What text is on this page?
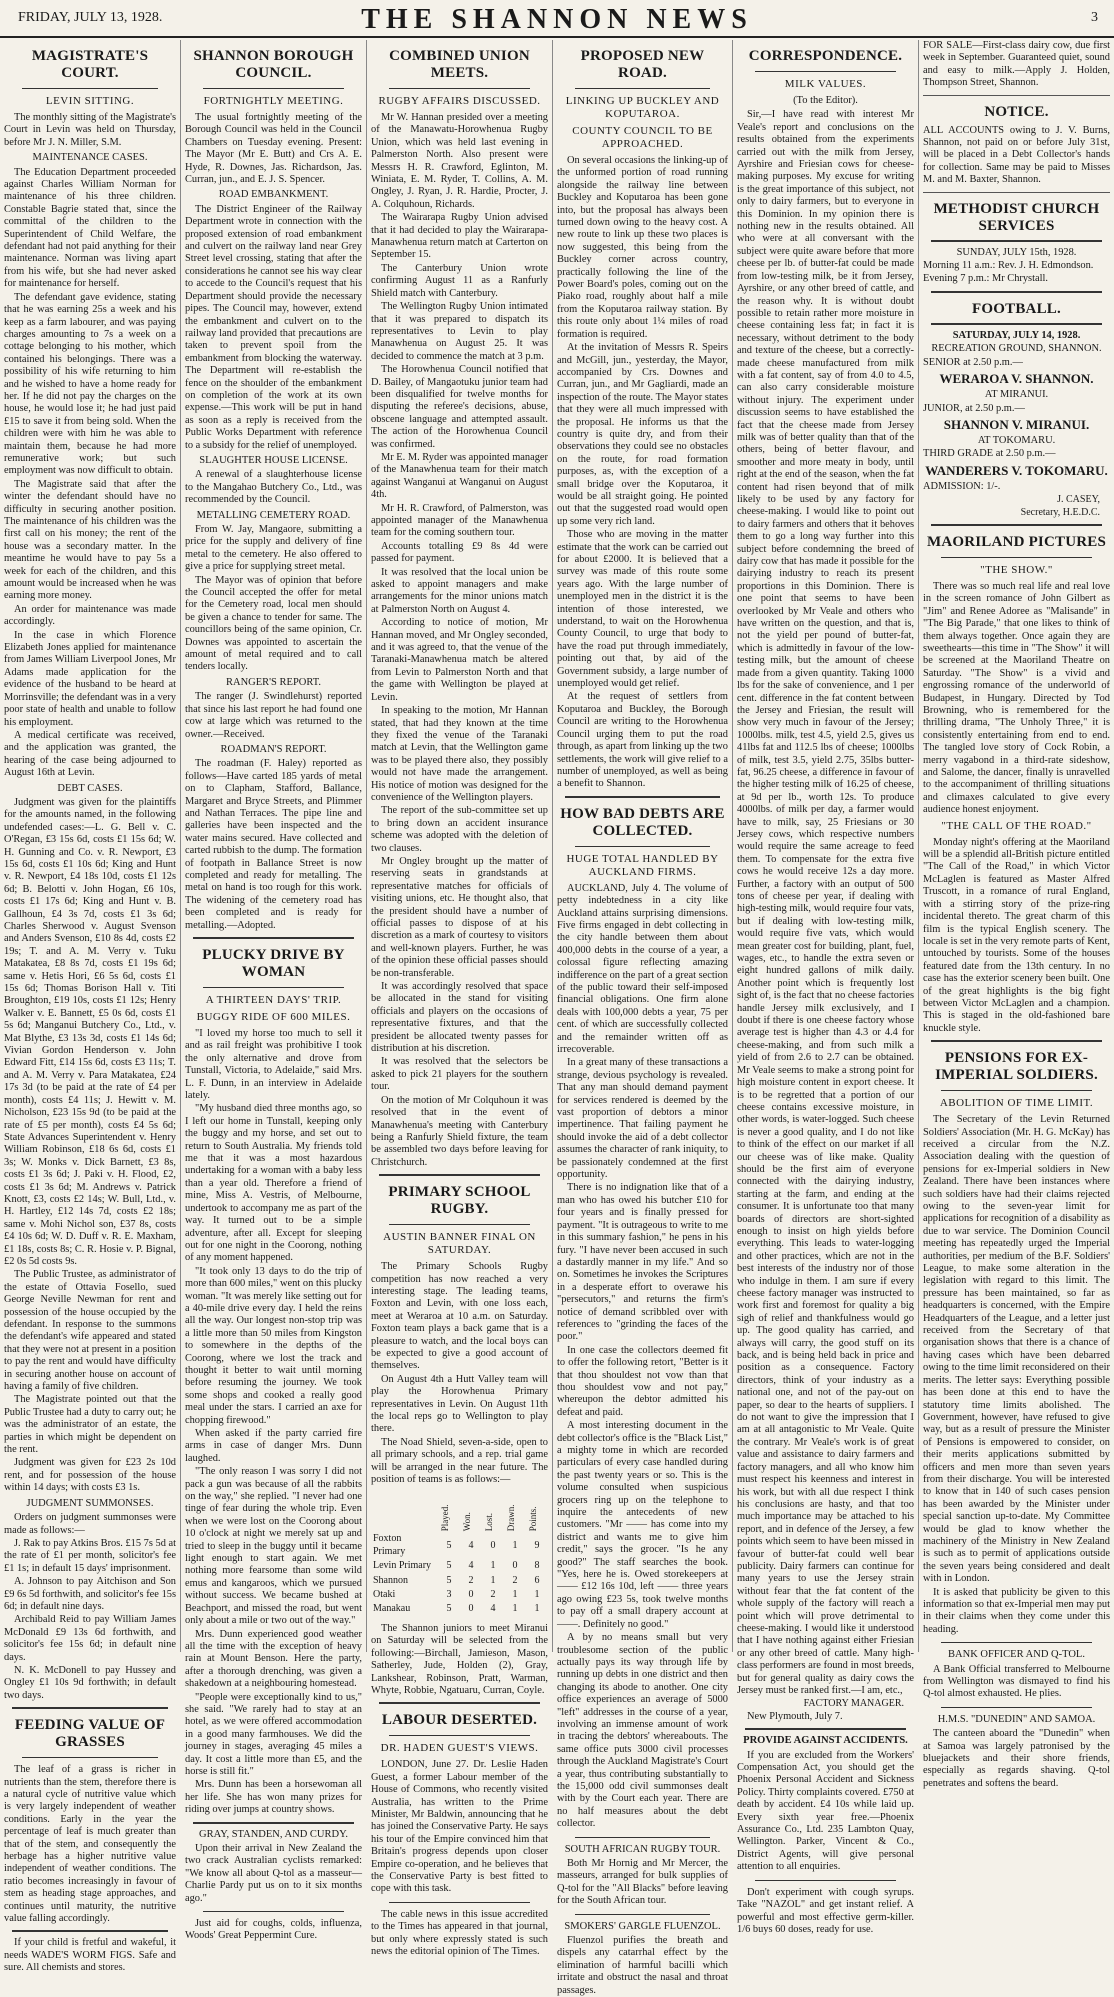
FRIDAY, JULY 13, 1928.	THE SHANNON NEWS	3
MAGISTRATE'S COURT.
LEVIN SITTING.

The monthly sitting of the Magistrate's Court in Levin was held on Thursday, before Mr J. N. Miller, S.M.

MAINTENANCE CASES.

The Education Department proceeded against Charles William Norman for maintenance of his three children. Constable Bagrie stated that, since the committal of the children to the Superintendent of Child Welfare, the defendant had not paid anything for their maintenance. Norman was living apart from his wife, but she had never asked for maintenance for herself.

The defendant gave evidence, stating that he was earning 25s a week and his keep as a farm labourer, and was paying charges amounting to 7s a week on a cottage belonging to his mother, which contained his belongings. There was a possibility of his wife returning to him and he wished to have a home ready for her. If he did not pay the charges on the house, he would lose it; he had just paid £15 to save it from being sold. When the children were with him he was able to maintain them, because he had more remunerative work; but such employment was now difficult to obtain.

The Magistrate said that after the winter the defendant should have no difficulty in securing another position. The maintenance of his children was the first call on his money; the rent of the house was a secondary matter. In the meantime he would have to pay 5s a week for each of the children, and this amount would be increased when he was earning more money.

An order for maintenance was made accordingly.

In the case in which Florence Elizabeth Jones applied for maintenance from James William Liverpool Jones, Mr Adams made application for the evidence of the husband to be heard at Morrinsville; the defendant was in a very poor state of health and unable to follow his employment.

A medical certificate was received, and the application was granted, the hearing of the case being adjourned to August 16th at Levin.

DEBT CASES.

Judgment was given for the plaintiffs for the amounts named, in the following undefended cases:—L. G. Bell v. C. O'Regan, £3 15s 6d, costs £1 15s 6d; W. H. Gunning and Co. v. R. Newport, £3 15s 6d, costs £1 10s 6d; King and Hunt v. R. Newport, £4 18s 10d, costs £1 12s 6d; B. Belotti v. John Hogan, £6 10s, costs £1 17s 6d; King and Hunt v. B. Gallhoun, £4 3s 7d, costs £1 3s 6d; Charles Sherwood v. August Svenson and Anders Svenson, £10 8s 4d, costs £2 19s; T. and A. M. Verry v. Tuku Matakatea, £8 8s 7d, costs £1 19s 6d; same v. Hetis Hori, £6 5s 6d, costs £1 15s 6d; Thomas Borison Hall v. Titi Broughton, £19 10s, costs £1 12s; Henry Walker v. E. Bannett, £5 0s 6d, costs £1 5s 6d; Manganui Butchery Co., Ltd., v. Mat Blythe, £3 13s 3d, costs £1 14s 6d; Vivian Gordon Henderson v. John Edward Fitt, £14 15s 6d, costs £3 11s; T. and A. M. Verry v. Para Matakatea, £24 17s 3d (to be paid at the rate of £4 per month), costs £4 11s; J. Hewitt v. M. Nicholson, £23 15s 9d (to be paid at the rate of £5 per month), costs £4 5s 6d; State Advances Superintendent v. Henry William Robinson, £18 6s 6d, costs £1 3s; W. Monks v. Dick Barnett, £3 8s, costs £1 3s 6d; J. Paki v. H. Flood, £2, costs £1 3s 6d; M. Andrews v. Patrick Knott, £3, costs £2 14s; W. Bull, Ltd., v. H. Hartley, £12 14s 7d, costs £2 18s; same v. Mohi Nichol son, £37 8s, costs £4 10s 6d; W. D. Duff v. R. E. Maxham, £1 18s, costs 8s; C. R. Hosie v. P. Bignal, £2 0s 5d costs 9s.

The Public Trustee, as administrator of the estate of Ottavia Fosello, sued George Neville Newman for rent and possession of the house occupied by the defendant. In response to the summons the defendant's wife appeared and stated that they were not at present in a position to pay the rent and would have difficulty in securing another house on account of having a family of five children.

The Magistrate pointed out that the Public Trustee had a duty to carry out; he was the administrator of an estate, the parties in which might be dependent on the rent.

Judgment was given for £23 2s 10d rent, and for possession of the house within 14 days; with costs £3 1s.

JUDGMENT SUMMONSES.

Orders on judgment summonses were made as follows:—

J. Rak to pay Atkins Bros. £15 7s 5d at the rate of £1 per month, solicitor's fee £1 1s; in default 15 days' imprisonment.

A. Johnson to pay Aitchison and Son £9 6s 5d forthwith, and solicitor's fee 15s 6d; in default nine days.

Archibald Reid to pay William James McDonald £9 13s 6d forthwith, and solicitor's fee 15s 6d; in default nine days.

N. K. McDonell to pay Hussey and Ongley £1 10s 9d forthwith; in default two days.

FEEDING VALUE OF GRASSES

The leaf of a grass is richer in nutrients than the stem, therefore there is a natural cycle of nutritive value which is very largely independent of weather conditions. Early in the year the percentage of leaf is much greater than that of the stem, and consequently the herbage has a higher nutritive value independent of weather conditions. The ratio becomes increasingly in favour of stem as heading stage approaches, and continues until maturity, the nutritive value falling accordingly.

If your child is fretful and wakeful, it needs WADE'S WORM FIGS. Safe and sure. All chemists and stores.

SHANNON BOROUGH COUNCIL.
FORTNIGHTLY MEETING.

The usual fortnightly meeting of the Borough Council was held in the Council Chambers on Tuesday evening. Present: The Mayor (Mr E. Butt) and Crs A. E. Hyde, R. Downes, Jas. Richardson, Jas. Curran, jun., and E. J. S. Spencer.

ROAD EMBANKMENT.

The District Engineer of the Railway Department wrote in connection with the proposed extension of road embankment and culvert on the railway land near Grey Street level crossing, stating that after the considerations he cannot see his way clear to accede to the Council's request that his Department should provide the necessary pipes. The Council may, however, extend the embankment and culvert on to the railway land provided that precautions are taken to prevent spoil from the embankment from blocking the waterway. The Department will re-establish the fence on the shoulder of the embankment on completion of the work at its own expense.—This work will be put in hand as soon as a reply is received from the Public Works Department with reference to a subsidy for the relief of unemployed.

SLAUGHTER HOUSE LICENSE.

A renewal of a slaughterhouse license to the Mangahao Butchery Co., Ltd., was recommended by the Council.

METALLING CEMETERY ROAD.

From W. Jay, Mangaore, submitting a price for the supply and delivery of fine metal to the cemetery. He also offered to give a price for supplying street metal.

The Mayor was of opinion that before the Council accepted the offer for metal for the Cemetery road, local men should be given a chance to tender for same. The councillors being of the same opinion, Cr. Downes was appointed to ascertain the amount of metal required and to call tenders locally.

RANGER'S REPORT.

The ranger (J. Swindlehurst) reported that since his last report he had found one cow at large which was returned to the owner.—Received.

ROADMAN'S REPORT.

The roadman (F. Haley) reported as follows—Have carted 185 yards of metal on to Clapham, Stafford, Ballance, Margaret and Bryce Streets, and Plimmer and Nathan Terraces. The pipe line and galleries have been inspected and the water mains secured. Have collected and carted rubbish to the dump. The formation of footpath in Ballance Street is now completed and ready for metalling. The metal on hand is too rough for this work. The widening of the cemetery road has been completed and is ready for metalling.—Adopted.

PLUCKY DRIVE BY WOMAN
A THIRTEEN DAYS' TRIP.
BUGGY RIDE OF 600 MILES.

"I loved my horse too much to sell it and as rail freight was prohibitive I took the only alternative and drove from Tunstall, Victoria, to Adelaide," said Mrs. L. F. Dunn, in an interview in Adelaide lately.

"My husband died three months ago, so I left our home in Tunstall, keeping only the buggy and my horse, and set out to return to South Australia. My friends told me that it was a most hazardous undertaking for a woman with a baby less than a year old. Therefore a friend of mine, Miss A. Vestris, of Melbourne, undertook to accompany me as part of the way. It turned out to be a simple adventure, after all. Except for sleeping out for one night in the Coorong, nothing of any moment happened.

"It took only 13 days to do the trip of more than 600 miles," went on this plucky woman. "It was merely like setting out for a 40-mile drive every day. I held the reins all the way. Our longest non-stop trip was a little more than 50 miles from Kingston to somewhere in the depths of the Coorong, where we lost the track and thought it better to wait until morning before resuming the journey. We took some shops and cooked a really good meal under the stars. I carried an axe for chopping firewood."

When asked if the party carried fire arms in case of danger Mrs. Dunn laughed.

"The only reason I was sorry I did not pack a gun was because of all the rabbits on the way," she replied. "I never had one tinge of fear during the whole trip. Even when we were lost on the Coorong about 10 o'clock at night we merely sat up and tried to sleep in the buggy until it became light enough to start again. We met nothing more fearsome than some wild emus and kangaroos, which we pursued without success. We became bushed at Beachport, and missed the road, but went only about a mile or two out of the way."

Mrs. Dunn experienced good weather all the time with the exception of heavy rain at Mount Benson. Here the party, after a thorough drenching, was given a shakedown at a neighbouring homestead.

"People were exceptionally kind to us," she said. "We rarely had to stay at an hotel, as we were offered accommodation in a good many farmhouses. We did the journey in stages, averaging 45 miles a day. It cost a little more than £5, and the horse is still fit."

Mrs. Dunn has been a horsewoman all her life. She has won many prizes for riding over jumps at country shows.

GRAY, STANDEN, AND CURDY.

Upon their arrival in New Zealand the two crack Australian cyclists remarked: "We know all about Q-tol as a masseur—Charlie Pardy put us on to it six months ago."

Just aid for coughs, colds, influenza, Woods' Great Peppermint Cure.

COMBINED UNION MEETS.
RUGBY AFFAIRS DISCUSSED.

Mr W. Hannan presided over a meeting of the Manawatu-Horowhenua Rugby Union, which was held last evening in Palmerston North. Also present were Messrs H. R. Crawford, Eglinton, M. Winiata, E. M. Ryder, T. Collins, A. M. Ongley, J. Ryan, J. R. Hardie, Procter, J. A. Colquhoun, Richards.

The Wairarapa Rugby Union advised that it had decided to play the Wairarapa-Manawhenua return match at Carterton on September 15.

The Canterbury Union wrote confirming August 11 as a Ranfurly Shield match with Canterbury.

The Wellington Rugby Union intimated that it was prepared to dispatch its representatives to Levin to play Manawhenua on August 25. It was decided to commence the match at 3 p.m.

The Horowhenua Council notified that D. Bailey, of Mangaotuku junior team had been disqualified for twelve months for disputing the referee's decisions, abuse, obscene language and attempted assault. The action of the Horowhenua Council was confirmed.

Mr E. M. Ryder was appointed manager of the Manawhenua team for their match against Wanganui at Wanganui on August 4th.

Mr H. R. Crawford, of Palmerston, was appointed manager of the Manawhenua team for the coming southern tour.

Accounts totalling £9 8s 4d were passed for payment.

It was resolved that the local union be asked to appoint managers and make arrangements for the minor unions match at Palmerston North on August 4.

According to notice of motion, Mr Hannan moved, and Mr Ongley seconded, and it was agreed to, that the venue of the Taranaki-Manawhenua match be altered from Levin to Palmerston North and that the game with Wellington be played at Levin.

In speaking to the motion, Mr Hannan stated, that had they known at the time they fixed the venue of the Taranaki match at Levin, that the Wellington game was to be played there also, they possibly would not have made the arrangement. His notice of motion was designed for the convenience of the Wellington players.

The report of the sub-committee set up to bring down an accident insurance scheme was adopted with the deletion of two clauses.

Mr Ongley brought up the matter of reserving seats in grandstands at representative matches for officials of visiting unions, etc. He thought also, that the president should have a number of official passes to dispose of at his discretion as a mark of courtesy to visitors and well-known players. Further, he was of the opinion these official passes should be non-transferable.

It was accordingly resolved that space be allocated in the stand for visiting officials and players on the occasions of representative fixtures, and that the president be allocated twenty passes for distribution at his discretion.

It was resolved that the selectors be asked to pick 21 players for the southern tour.

On the motion of Mr Colquhoun it was resolved that in the event of Manawhenua's meeting with Canterbury being a Ranfurly Shield fixture, the team be assembled two days before leaving for Christchurch.

PRIMARY SCHOOL RUGBY.
AUSTIN BANNER FINAL ON SATURDAY.

The Primary Schools Rugby competition has now reached a very interesting stage. The leading teams, Foxton and Levin, with one loss each, meet at Weraroa at 10 a.m. on Saturday. Foxton team plays a back game that is a pleasure to watch, and the local boys can be expected to give a good account of themselves.

On August 4th a Hutt Valley team will play the Horowhenua Primary representatives in Levin. On August 11th the local reps go to Wellington to play there.

The Noad Shield, seven-a-side, open to all primary schools, and a rep. trial game will be arranged in the near future. The position of teams is as follows:—

	Played.	Won.	Lost.	Drawn.	Points.
Foxton Primary	5	4	0	1	9
Levin Primary	5	4	1	0	8
Shannon	5	2	1	2	6
Otaki	3	0	2	1	1
Manakau	5	0	4	1	1

The Shannon juniors to meet Miranui on Saturday will be selected from the following:—Birchall, Jamieson, Mason, Satherley, Jude, Holden (2), Gray, Lankshear, Robinson, Pratt, Warman, Whyte, Robbie, Ngatuaru, Curran, Coyle.

LABOUR DESERTED.
DR. HADEN GUEST'S VIEWS.

LONDON, June 27. Dr. Leslie Haden Guest, a former Labour member of the House of Commons, who recently visited Australia, has written to the Prime Minister, Mr Baldwin, announcing that he has joined the Conservative Party. He says his tour of the Empire convinced him that Britain's progress depends upon closer Empire co-operation, and he believes that the Conservative Party is best fitted to cope with this task.

The cable news in this issue accredited to the Times has appeared in that journal, but only where expressly stated is such news the editorial opinion of The Times.

PROPOSED NEW ROAD.
LINKING UP BUCKLEY AND KOPUTAROA.
COUNTY COUNCIL TO BE APPROACHED.

On several occasions the linking-up of the unformed portion of road running alongside the railway line between Buckley and Koputaroa has been gone into, but the proposal has always been turned down owing to the heavy cost. A new route to link up these two places is now suggested, this being from the Buckley corner across country, practically following the line of the Power Board's poles, coming out on the Piako road, roughly about half a mile from the Koputaroa railway station. By this route only about 1¼ miles of road formation is required.

At the invitation of Messrs R. Speirs and McGill, jun., yesterday, the Mayor, accompanied by Crs. Downes and Curran, jun., and Mr Gagliardi, made an inspection of the route. The Mayor states that they were all much impressed with the proposal. He informs us that the country is quite dry, and from their observations they could see no obstacles on the route, for road formation purposes, as, with the exception of a small bridge over the Koputaroa, it would be all straight going. He pointed out that the suggested road would open up some very rich land.

Those who are moving in the matter estimate that the work can be carried out for about £2000. It is believed that a survey was made of this route some years ago. With the large number of unemployed men in the district it is the intention of those interested, we understand, to wait on the Horowhenua County Council, to urge that body to have the road put through immediately, pointing out that, by aid of the Government subsidy, a large number of unemployed would get relief.

At the request of settlers from Koputaroa and Buckley, the Borough Council are writing to the Horowhenua Council urging them to put the road through, as apart from linking up the two settlements, the work will give relief to a number of unemployed, as well as being a benefit to Shannon.

HOW BAD DEBTS ARE COLLECTED.
HUGE TOTAL HANDLED BY AUCKLAND FIRMS.

AUCKLAND, July 4. The volume of petty indebtedness in a city like Auckland attains surprising dimensions. Five firms engaged in debt collecting in the city handle between them about 400,000 debts in the course of a year, a colossal figure reflecting amazing indifference on the part of a great section of the public toward their self-imposed financial obligations. One firm alone deals with 100,000 debts a year, 75 per cent. of which are successfully collected and the remainder written off as irrecoverable.

In a great many of these transactions a strange, devious psychology is revealed. That any man should demand payment for services rendered is deemed by the vast proportion of debtors a minor impertinence. That failing payment he should invoke the aid of a debt collector assumes the character of rank iniquity, to be passionately condemned at the first opportunity.

There is no indignation like that of a man who has owed his butcher £10 for four years and is finally pressed for payment. "It is outrageous to write to me in this summary fashion," he pens in his fury. "I have never been accused in such a dastardly manner in my life." And so on. Sometimes he invokes the Scriptures in a desperate effort to overawe his "persecutors," and returns the firm's notice of demand scribbled over with references to "grinding the faces of the poor."

In one case the collectors deemed fit to offer the following retort, "Better is it that thou shouldest not vow than that thou shouldest vow and not pay," whereupon the debtor admitted his defeat and paid.

A most interesting document in the debt collector's office is the "Black List," a mighty tome in which are recorded particulars of every case handled during the past twenty years or so. This is the volume consulted when suspicious grocers ring up on the telephone to inquire the antecedents of new customers. "Mr —— has come into my district and wants me to give him credit," says the grocer. "Is he any good?" The staff searches the book. "Yes, here he is. Owed storekeepers at —— £12 16s 10d, left —— three years ago owing £23 5s, took twelve months to pay off a small drapery account at ——. Definitely no good."

A by no means small but very troublesome section of the public actually pays its way through life by running up debts in one district and then changing its abode to another. One city office experiences an average of 5000 "left" addresses in the course of a year, involving an immense amount of work in tracing the debtors' whereabouts. The same office puts 3000 civil processes through the Auckland Magistrate's Court a year, thus contributing substantially to the 15,000 odd civil summonses dealt with by the Court each year. There are no half measures about the debt collector.

SOUTH AFRICAN RUGBY TOUR.

Both Mr Hornig and Mr Mercer, the masseurs, arranged for bulk supplies of Q-tol for the "All Blacks" before leaving for the South African tour.

SMOKERS' GARGLE FLUENZOL.

Fluenzol purifies the breath and dispels any catarrhal effect by the elimination of harmful bacilli which irritate and obstruct the nasal and throat passages.

CORRESPONDENCE.
MILK VALUES.
(To the Editor).

Sir,—I have read with interest Mr Veale's report and conclusions on the results obtained from the experiments carried out with the milk from Jersey, Ayrshire and Friesian cows for cheese-making purposes. My excuse for writing is the great importance of this subject, not only to dairy farmers, but to everyone in this Dominion. In my opinion there is nothing new in the results obtained. All who were at all conversant with the subject were quite aware before that more cheese per lb. of butter-fat could be made from low-testing milk, be it from Jersey, Ayrshire, or any other breed of cattle, and the reason why. It is without doubt possible to retain rather more moisture in cheese containing less fat; in fact it is necessary, without detriment to the body and texture of the cheese, but a correctly-made cheese manufactured from milk with a fat content, say of from 4.0 to 4.5, can also carry considerable moisture without injury. The experiment under discussion seems to have established the fact that the cheese made from Jersey milk was of better quality than that of the others, being of better flavour, and smoother and more meaty in body, until right at the end of the season, when the fat content had risen beyond that of milk likely to be used by any factory for cheese-making. I would like to point out to dairy farmers and others that it behoves them to go a long way further into this subject before condemning the breed of dairy cow that has made it possible for the dairying industry to reach its present proportions in this Dominion. There is one point that seems to have been overlooked by Mr Veale and others who have written on the question, and that is, not the yield per pound of butter-fat, which is admittedly in favour of the low-testing milk, but the amount of cheese made from a given quantity. Taking 1000 lbs for the sake of convenience, and 1 per cent. difference in the fat content between the Jersey and Friesian, the result will show very much in favour of the Jersey; 1000lbs. milk, test 4.5, yield 2.5, gives us 41lbs fat and 112.5 lbs of cheese; 1000lbs of milk, test 3.5, yield 2.75, 35lbs butter-fat, 96.25 cheese, a difference in favour of the higher testing milk of 16.25 of cheese, at 9d per lb., worth 12s. To produce 4000lbs. of milk per day, a farmer would have to milk, say, 25 Friesians or 30 Jersey cows, which respective numbers would require the same acreage to feed them. To compensate for the extra five cows he would receive 12s a day more. Further, a factory with an output of 500 tons of cheese per year, if dealing with high-testing milk, would require four vats, but if dealing with low-testing milk, would require five vats, which would mean greater cost for building, plant, fuel, wages, etc., to handle the extra seven or eight hundred gallons of milk daily. Another point which is frequently lost sight of, is the fact that no cheese factories handle Jersey milk exclusively, and I doubt if there is one cheese factory whose average test is higher than 4.3 or 4.4 for cheese-making, and from such milk a yield of from 2.6 to 2.7 can be obtained. Mr Veale seems to make a strong point for high moisture content in export cheese. It is to be regretted that a portion of our cheese contains excessive moisture, in other words, is water-logged. Such cheese is never a good quality, and I do not like to think of the effect on our market if all our cheese was of like make. Quality should be the first aim of everyone connected with the dairying industry, starting at the farm, and ending at the consumer. It is unfortunate too that many boards of directors are short-sighted enough to insist on high yields before everything. This leads to water-logging and other practices, which are not in the best interests of the industry nor of those who indulge in them. I am sure if every cheese factory manager was instructed to work first and foremost for quality a big sigh of relief and thankfulness would go up. The good quality has carried, and always will carry, the good stuff on its back, and is being held back in price and position as a consequence. Factory directors, think of your industry as a national one, and not of the pay-out on paper, so dear to the hearts of suppliers. I do not want to give the impression that I am at all antagonistic to Mr Veale. Quite the contrary. Mr Veale's work is of great value and assistance to dairy farmers and factory managers, and all who know him must respect his keenness and interest in his work, but with all due respect I think his conclusions are hasty, and that too much importance may be attached to his report, and in defence of the Jersey, a few points which seem to have been missed in favour of butter-fat could well bear publicity. Dairy farmers can continue for many years to use the Jersey strain without fear that the fat content of the whole supply of the factory will reach a point which will prove detrimental to cheese-making. I would like it understood that I have nothing against either Friesian or any other breed of cattle. Many high-class performers are found in most breeds, but for general quality as dairy cows the Jersey must be ranked first.—I am, etc.,

FACTORY MANAGER.

New Plymouth, July 7.

PROVIDE AGAINST ACCIDENTS.

If you are excluded from the Workers' Compensation Act, you should get the Phoenix Personal Accident and Sickness Policy. Thirty complaints covered. £750 at death by accident. £4 10s while laid up. Every sixth year free.—Phoenix Assurance Co., Ltd. 235 Lambton Quay, Wellington. Parker, Vincent & Co., District Agents, will give personal attention to all enquiries.

Don't experiment with cough syrups. Take "NAZOL" and get instant relief. A powerful and most effective germ-killer. 1/6 buys 60 doses, ready for use.

FOR SALE—First-class dairy cow, due first week in September. Guaranteed quiet, sound and easy to milk.—Apply J. Holden, Thompson Street, Shannon.

NOTICE.

ALL ACCOUNTS owing to J. V. Burns, Shannon, not paid on or before July 31st, will be placed in a Debt Collector's hands for collection. Same may be paid to Misses M. and M. Baxter, Shannon.

METHODIST CHURCH SERVICES

SUNDAY, JULY 15th, 1928.

Morning 11 a.m.: Rev. J. H. Edmondson.

Evening 7 p.m.: Mr Chrystall.

FOOTBALL.

SATURDAY, JULY 14, 1928.

RECREATION GROUND, SHANNON.

SENIOR at 2.50 p.m.—

WERAROA V. SHANNON.

AT MIRANUI.

JUNIOR, at 2.50 p.m.—

SHANNON V. MIRANUI.

AT TOKOMARU.

THIRD GRADE at 2.50 p.m.—

WANDERERS V. TOKOMARU.

ADMISSION: 1/-.

J. CASEY,
Secretary, H.E.D.C.
MAORILAND PICTURES
"THE SHOW."

There was so much real life and real love in the screen romance of John Gilbert as "Jim" and Renee Adoree as "Malisande" in "The Big Parade," that one likes to think of them always together. Once again they are sweethearts—this time in "The Show" it will be screened at the Maoriland Theatre on Saturday. "The Show" is a vivid and engrossing romance of the underworld of Budapest, in Hungary. Directed by Tod Browning, who is remembered for the thrilling drama, "The Unholy Three," it is consistently entertaining from end to end. The tangled love story of Cock Robin, a merry vagabond in a third-rate sideshow, and Salome, the dancer, finally is unravelled to the accompaniment of thrilling situations and climaxes calculated to give every audience honest enjoyment.

"THE CALL OF THE ROAD."

Monday night's offering at the Maoriland will be a splendid all-British picture entitled "The Call of the Road," in which Victor McLaglen is featured as Master Alfred Truscott, in a romance of rural England, with a stirring story of the prize-ring incidental thereto. The great charm of this film is the typical English scenery. The locale is set in the very remote parts of Kent, untouched by tourists. Some of the houses featured date from the 13th century. In no case has the exterior scenery been built. One of the great highlights is the big fight between Victor McLaglen and a champion. This is staged in the old-fashioned bare knuckle style.

PENSIONS FOR EX-IMPERIAL SOLDIERS.
ABOLITION OF TIME LIMIT.

The Secretary of the Levin Returned Soldiers' Association (Mr. H. G. McKay) has received a circular from the N.Z. Association dealing with the question of pensions for ex-Imperial soldiers in New Zealand. There have been instances where such soldiers have had their claims rejected owing to the seven-year limit for applications for recognition of a disability as due to war service. The Dominion Council meeting has repeatedly urged the Imperial authorities, per medium of the B.F. Soldiers' League, to make some alteration in the legislation with regard to this limit. The pressure has been maintained, so far as headquarters is concerned, with the Empire Headquarters of the League, and a letter just received from the Secretary of that organisation shows that there is a chance of having cases which have been debarred owing to the time limit reconsidered on their merits. The letter says: Everything possible has been done at this end to have the statutory time limits abolished. The Government, however, have refused to give way, but as a result of pressure the Minister of Pensions is empowered to consider, on their merits applications submitted by officers and men more than seven years from their discharge. You will be interested to know that in 140 of such cases pension has been awarded by the Minister under special sanction up-to-date. My Committee would be glad to know whether the machinery of the Ministry in New Zealand is such as to permit of applications outside the seven years being considered and dealt with in London.

It is asked that publicity be given to this information so that ex-Imperial men may put in their claims when they come under this heading.

BANK OFFICER AND Q-TOL.

A Bank Official transferred to Melbourne from Wellington was dismayed to find his Q-tol almost exhausted. He plies.

H.M.S. "DUNEDIN" AND SAMOA.

The canteen aboard the "Dunedin" when at Samoa was largely patronised by the bluejackets and their shore friends, especially as regards shaving. Q-tol penetrates and softens the beard.
